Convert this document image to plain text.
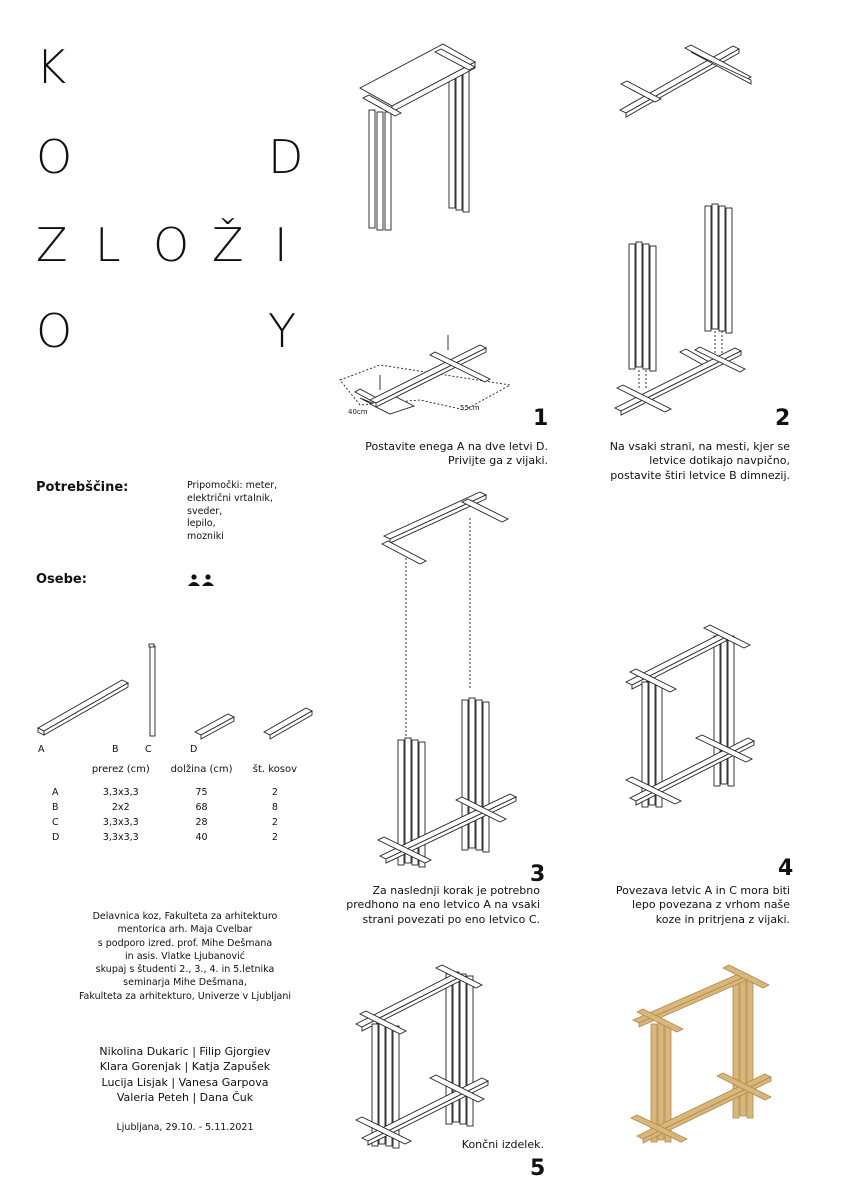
K
O	D
Z L O Ž I
O	Y
Potrebščine:	Pripomočki: meter,
električni vrtalnik,
sveder,
lepilo,
mozniki
Osebe:
A	B	C	D
	prerez (cm)	dolžina (cm)	št. kosov

A	3,3x3,3	75	2
B	2x2	68	8
C	3,3x3,3	28	2
D	3,3x3,3	40	2
Delavnica koz, Fakulteta za arhitekturo
mentorica arh. Maja Cvelbar
s podporo izred. prof. Mihe Dešmana
in asis. Vlatke Ljubanović
skupaj s študenti 2., 3., 4. in 5.letnika
seminarja Mihe Dešmana,
Fakulteta za arhitekturo, Univerze v Ljubljani
Nikolina Dukaric | Filip Gjorgiev
Klara Gorenjak | Katja Zapušek
Lucija Lisjak | Vanesa Garpova
Valeria Peteh | Dana Čuk
Ljubljana, 29.10. - 5.11.2021
40cm	55cm 1
Postavite enega A na dve letvi D.
Privijte ga z vijaki.
2
Na vsaki strani, na mesti, kjer se
letvice dotikajo navpično,
postavite štiri letvice B dimnezij.
3
Za naslednji korak je potrebno
predhono na eno letvico A na vsaki
strani povezati po eno letvico C.
4
Povezava letvic A in C mora biti
lepo povezana z vrhom naše
koze in pritrjena z vijaki.
Končni izdelek.
5
